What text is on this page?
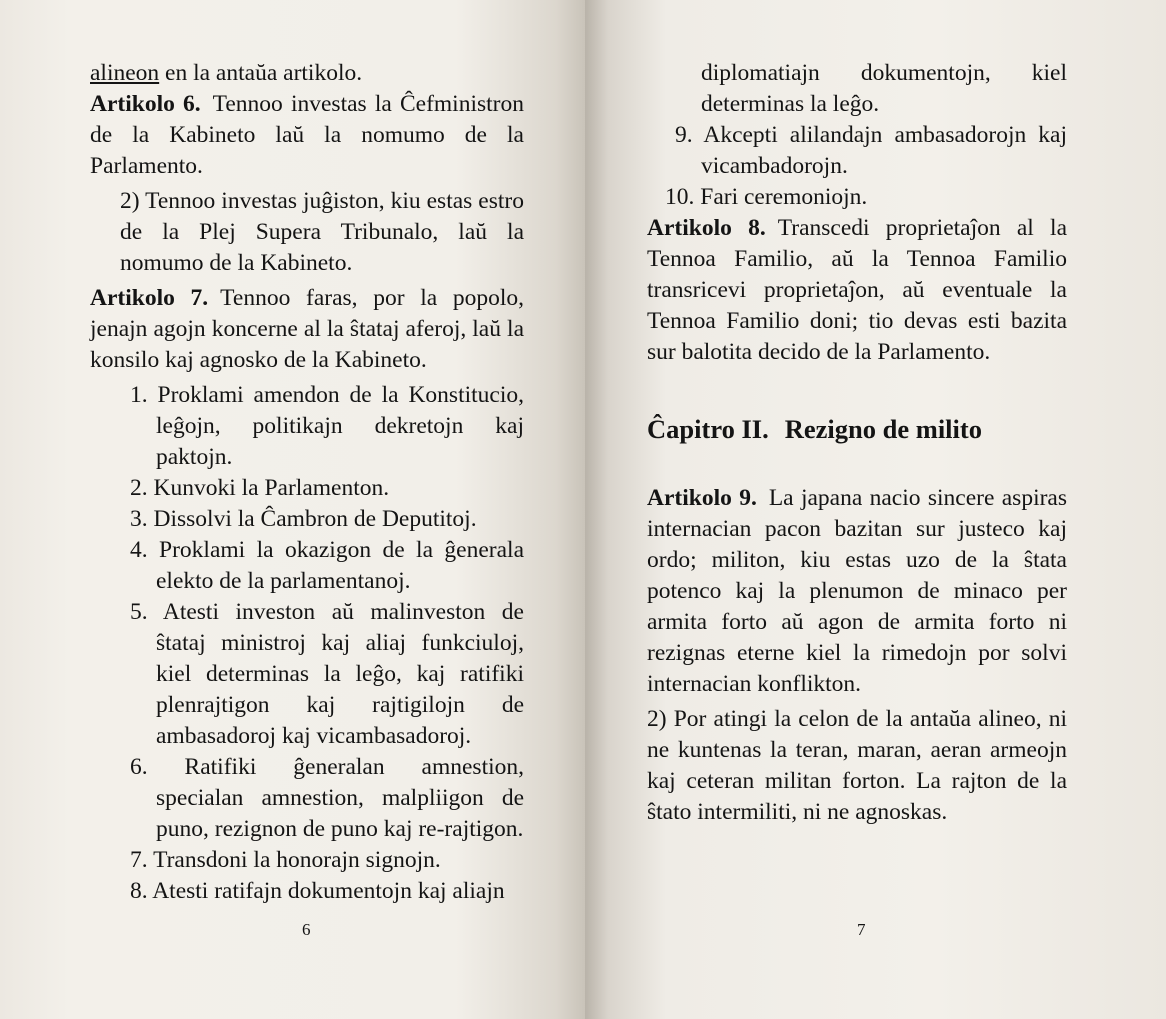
alineon en la antaŭa artikolo.

Artikolo 6. Tennoo investas la Ĉefministron de la Kabineto laŭ la nomumo de la Parlamento.

2) Tennoo investas juĝiston, kiu estas estro de la Plej Supera Tribunalo, laŭ la nomumo de la Kabineto.

Artikolo 7. Tennoo faras, por la popolo, jenajn agojn koncerne al la ŝtataj aferoj, laŭ la konsilo kaj agnosko de la Kabineto.

1. Proklami amendon de la Konstitucio, leĝojn, politikajn dekretojn kaj paktojn.

2. Kunvoki la Parlamenton.

3. Dissolvi la Ĉambron de Deputitoj.

4. Proklami la okazigon de la ĝenerala elekto de la parlamentanoj.

5. Atesti investon aŭ malinveston de ŝtataj ministroj kaj aliaj funkciuloj, kiel determinas la leĝo, kaj ratifiki plenrajtigon kaj rajtigilojn de ambasadoroj kaj vicambasadoroj.

6. Ratifiki ĝeneralan amnestion, specialan amnestion, malpliigon de puno, rezignon de puno kaj re-rajtigon.

7. Transdoni la honorajn signojn.

8. Atesti ratifajn dokumentojn kaj aliajn

6

diplomatiajn dokumentojn, kiel determinas la leĝo.

9. Akcepti alilandajn ambasadorojn kaj vicambadorojn.

10. Fari ceremoniojn.

Artikolo 8. Transcedi proprietaĵon al la Tennoa Familio, aŭ la Tennoa Familio transricevi proprietaĵon, aŭ eventuale la Tennoa Familio doni; tio devas esti bazita sur balotita decido de la Parlamento.

Ĉapitro II. Rezigno de milito

Artikolo 9. La japana nacio sincere aspiras internacian pacon bazitan sur justeco kaj ordo; militon, kiu estas uzo de la ŝtata potenco kaj la plenumon de minaco per armita forto aŭ agon de armita forto ni rezignas eterne kiel la rimedojn por solvi internacian konflikton.

2) Por atingi la celon de la antaŭa alineo, ni ne kuntenas la teran, maran, aeran armeojn kaj ceteran militan forton. La rajton de la ŝtato intermiliti, ni ne agnoskas.

7
